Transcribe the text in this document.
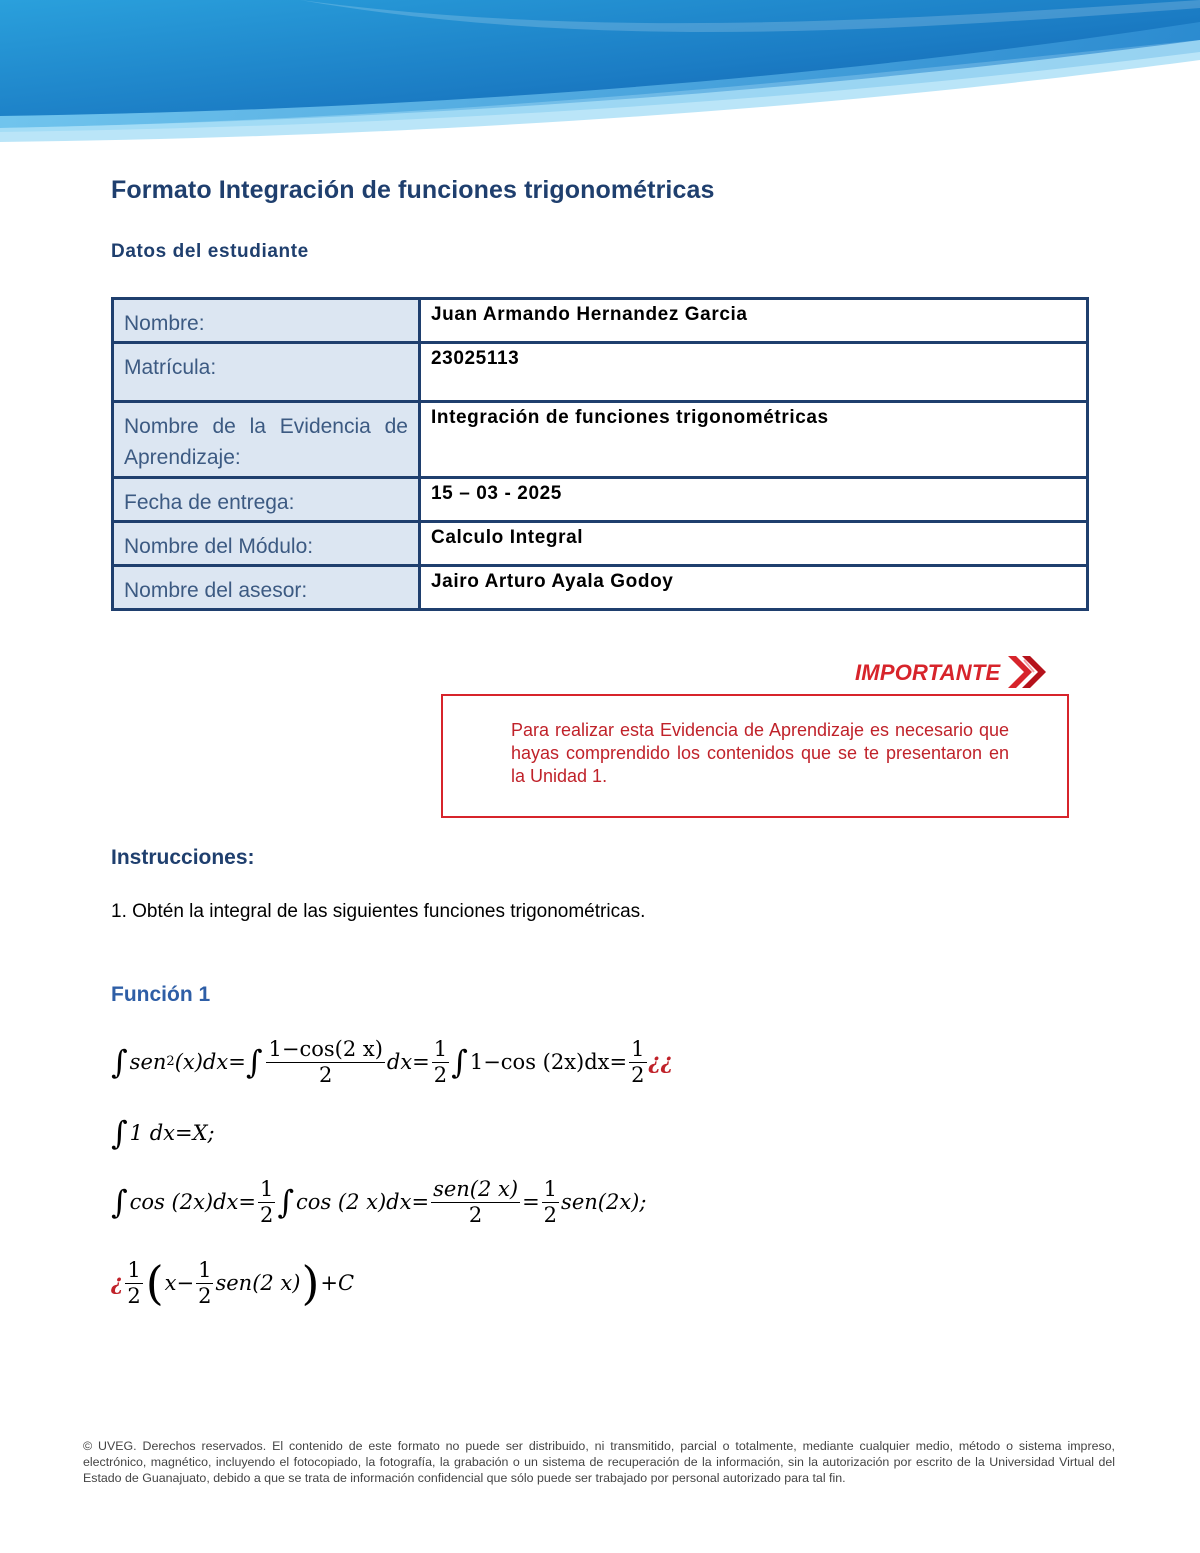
Formato Integración de funciones trigonométricas
Datos del estudiante
Nombre:	Juan Armando Hernandez Garcia
Matrícula:	23025113
Nombre de la Evidencia de Aprendizaje:	Integración de funciones trigonométricas
Fecha de entrega:	15 – 03 - 2025
Nombre del Módulo:	Calculo Integral
Nombre del asesor:	Jairo Arturo Ayala Godoy
IMPORTANTE
Para realizar esta Evidencia de Aprendizaje es necesario que hayas comprendido los contenidos que se te presentaron en la Unidad 1.
Instrucciones:
1. Obtén la integral de las siguientes funciones trigonométricas.
Función 1
∫ sen 2 (x)dx= ∫ $\frac{1-\cos(2 x)}{2} dx= \frac{1}{2}$ ∫ 1−cos $(2x)dx= \frac{1}{2}$ ¿¿
∫ 1 dx=X;
∫ $\cos (2x)dx= \frac{1}{2}$ ∫ cos (2 $x)dx= \frac{\text{sen(2 x)}}{2} = \frac{1}{2} sen(2x)$;
¿ $\frac{1}{2}$ ( $x- \frac{1}{2} sen(2$ x) ) +C
© UVEG. Derechos reservados. El contenido de este formato no puede ser distribuido, ni transmitido, parcial o totalmente, mediante cualquier medio, método o sistema impreso, electrónico, magnético, incluyendo el fotocopiado, la fotografía, la grabación o un sistema de recuperación de la información, sin la autorización por escrito de la Universidad Virtual del Estado de Guanajuato, debido a que se trata de información confidencial que sólo puede ser trabajado por personal autorizado para tal fin.
